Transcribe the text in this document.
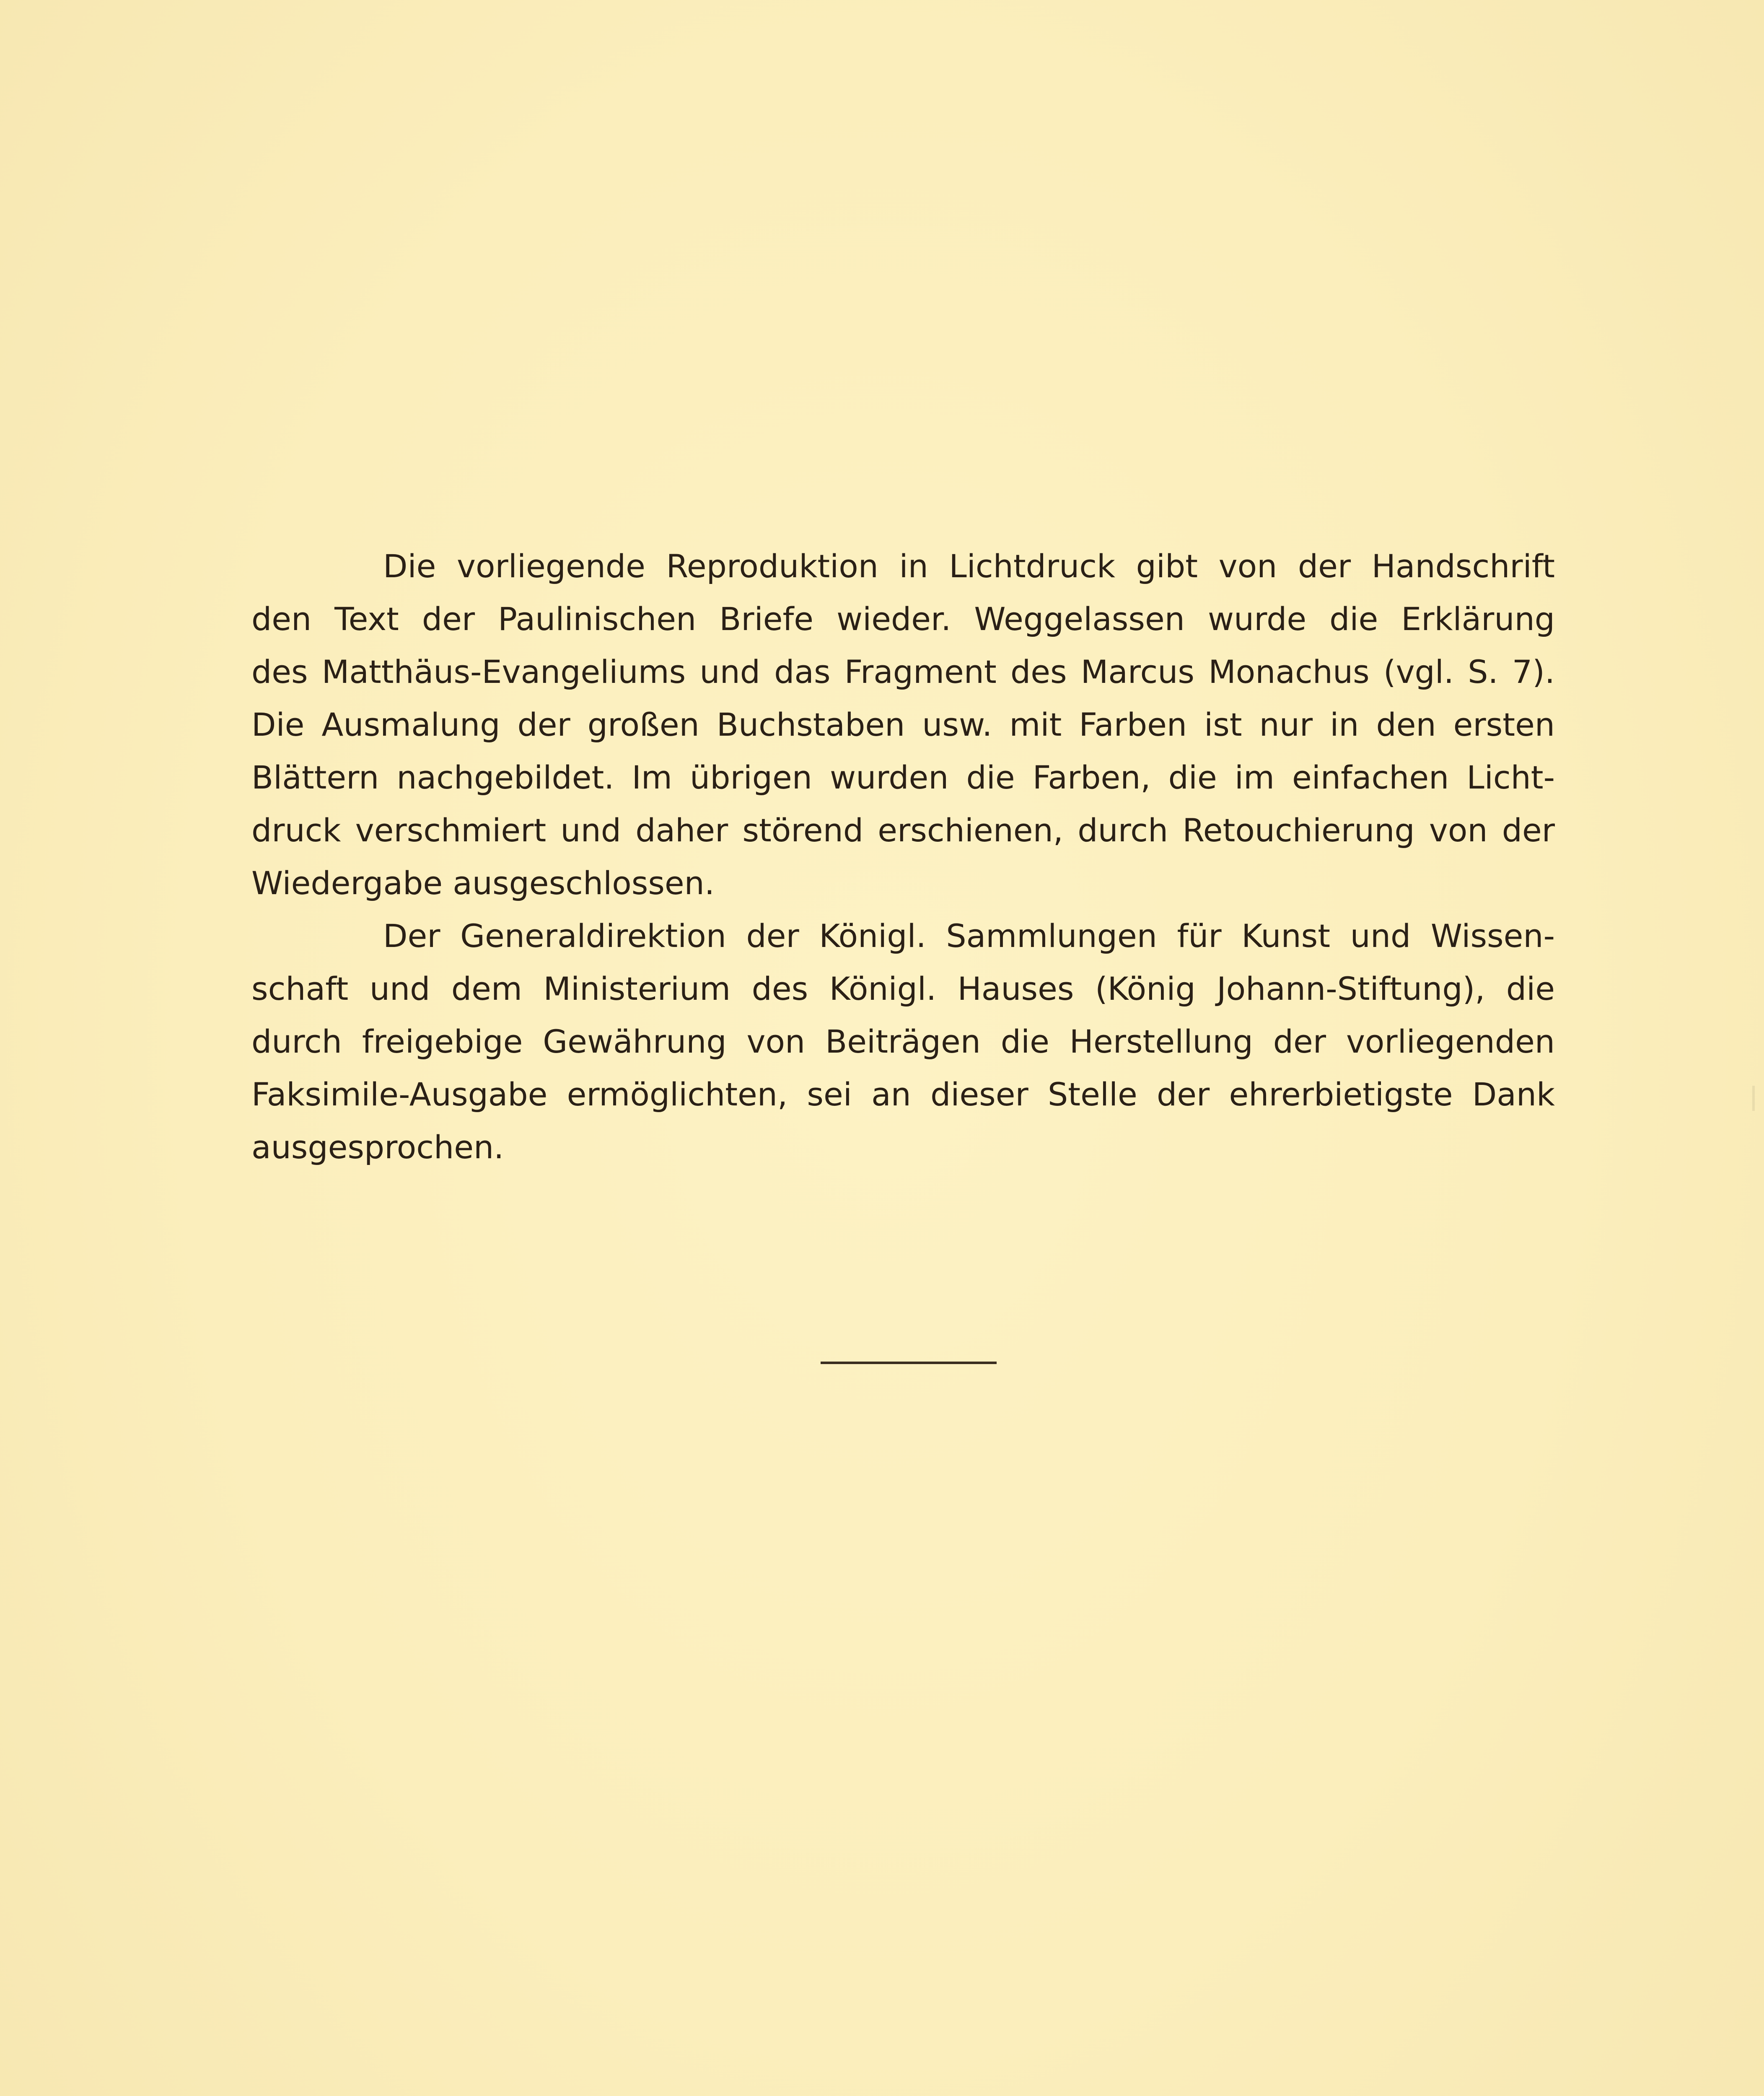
Die vorliegende Reproduktion in Lichtdruck gibt von der Handschrift
den Text der Paulinischen Briefe wieder. Weggelassen wurde die Erklärung
des Matthäus-Evangeliums und das Fragment des Marcus Monachus (vgl. S. 7).
Die Ausmalung der großen Buchstaben usw. mit Farben ist nur in den ersten
Blättern nachgebildet. Im übrigen wurden die Farben, die im einfachen Licht-
druck verschmiert und daher störend erschienen, durch Retouchierung von der
Wiedergabe ausgeschlossen.
Der Generaldirektion der Königl. Sammlungen für Kunst und Wissen-
schaft und dem Ministerium des Königl. Hauses (König Johann-Stiftung), die
durch freigebige Gewährung von Beiträgen die Herstellung der vorliegenden
Faksimile-Ausgabe ermöglichten, sei an dieser Stelle der ehrerbietigste Dank
ausgesprochen.
